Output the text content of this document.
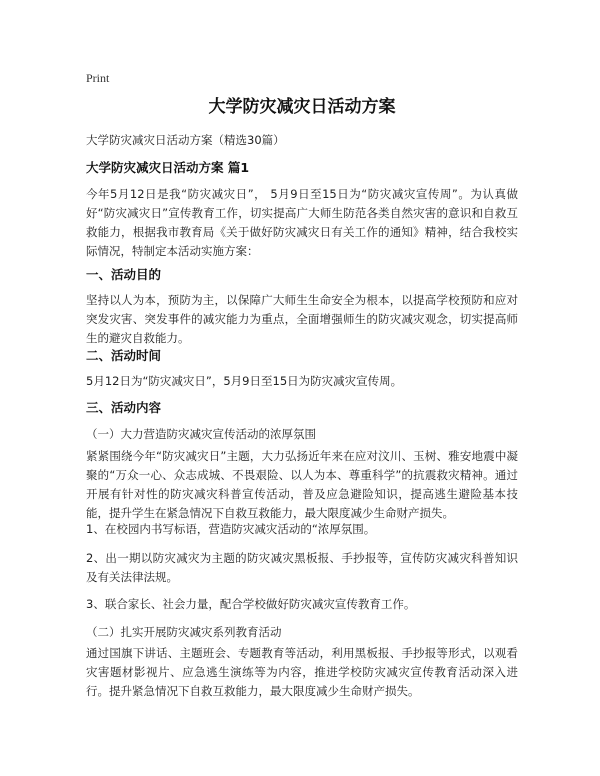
Print
大学防灾减灾日活动方案
大学防灾减灾日活动方案（精选30篇）
大学防灾减灾日活动方案 篇1
今年5月12日是我“防灾减灾日”， 5月9日至15日为“防灾减灾宣传周”。为认真做好“防灾减灾日”宣传教育工作，切实提高广大师生防范各类自然灾害的意识和自救互救能力，根据我市教育局《关于做好防灾减灾日有关工作的通知》精神，结合我校实际情况，特制定本活动实施方案：
一、活动目的
坚持以人为本，预防为主，以保障广大师生生命安全为根本，以提高学校预防和应对突发灾害、突发事件的减灾能力为重点，全面增强师生的防灾减灾观念，切实提高师生的避灾自救能力。
二、活动时间
5月12日为“防灾减灾日”，5月9日至15日为防灾减灾宣传周。
三、活动内容
（一）大力营造防灾减灾宣传活动的浓厚氛围
紧紧围绕今年“防灾减灾日”主题，大力弘扬近年来在应对汶川、玉树、雅安地震中凝聚的“万众一心、众志成城、不畏艰险、以人为本、尊重科学”的抗震救灾精神。通过开展有针对性的防灾减灾科普宣传活动，普及应急避险知识，提高逃生避险基本技能，提升学生在紧急情况下自救互救能力，最大限度减少生命财产损失。
1、在校园内书写标语，营造防灾减灾活动的“浓厚氛围。
2、出一期以防灾减灾为主题的防灾减灾黑板报、手抄报等，宣传防灾减灾科普知识及有关法律法规。
3、联合家长、社会力量，配合学校做好防灾减灾宣传教育工作。
（二）扎实开展防灾减灾系列教育活动
通过国旗下讲话、主题班会、专题教育等活动，利用黑板报、手抄报等形式，以观看灾害题材影视片、应急逃生演练等为内容，推进学校防灾减灾宣传教育活动深入进行。提升紧急情况下自救互救能力，最大限度减少生命财产损失。
